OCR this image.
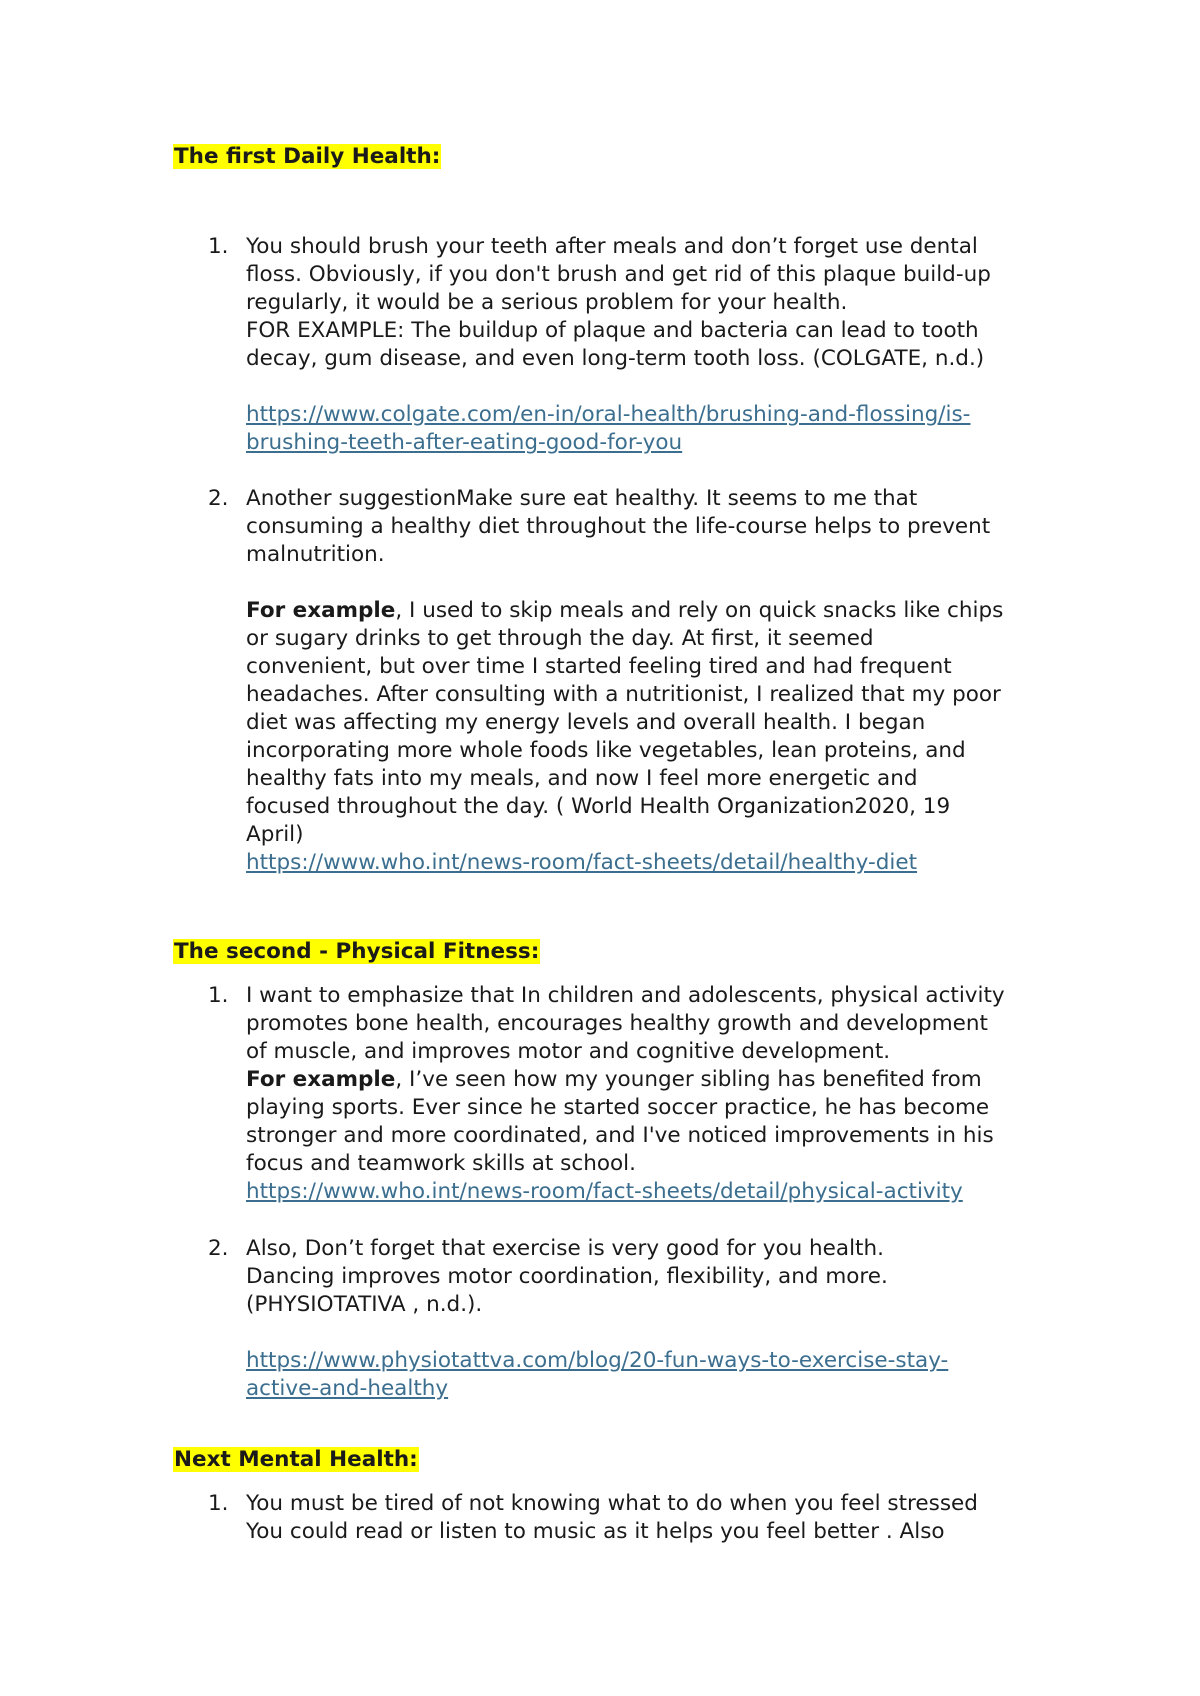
The first Daily Health:
1. You should brush your teeth after meals and don’t forget use dental
floss. Obviously, if you don't brush and get rid of this plaque build-up
regularly, it would be a serious problem for your health.
FOR EXAMPLE: The buildup of plaque and bacteria can lead to tooth
decay, gum disease, and even long-term tooth loss. (COLGATE, n.d.)
https://www.colgate.com/en-in/oral-health/brushing-and-flossing/is-
brushing-teeth-after-eating-good-for-you
2. Another suggestionMake sure eat healthy. It seems to me that
consuming a healthy diet throughout the life-course helps to prevent
malnutrition.
For example, I used to skip meals and rely on quick snacks like chips
or sugary drinks to get through the day. At first, it seemed
convenient, but over time I started feeling tired and had frequent
headaches. After consulting with a nutritionist, I realized that my poor
diet was affecting my energy levels and overall health. I began
incorporating more whole foods like vegetables, lean proteins, and
healthy fats into my meals, and now I feel more energetic and
focused throughout the day. ( World Health Organization2020, 19
April)
https://www.who.int/news-room/fact-sheets/detail/healthy-diet
The second - Physical Fitness:
1. I want to emphasize that In children and adolescents, physical activity
promotes bone health, encourages healthy growth and development
of muscle, and improves motor and cognitive development.
For example, I’ve seen how my younger sibling has benefited from
playing sports. Ever since he started soccer practice, he has become
stronger and more coordinated, and I've noticed improvements in his
focus and teamwork skills at school.
https://www.who.int/news-room/fact-sheets/detail/physical-activity
2. Also, Don’t forget that exercise is very good for you health.
Dancing improves motor coordination, flexibility, and more.
(PHYSIOTATIVA , n.d.).
https://www.physiotattva.com/blog/20-fun-ways-to-exercise-stay-
active-and-healthy
Next Mental Health:
1. You must be tired of not knowing what to do when you feel stressed
You could read or listen to music as it helps you feel better . Also
